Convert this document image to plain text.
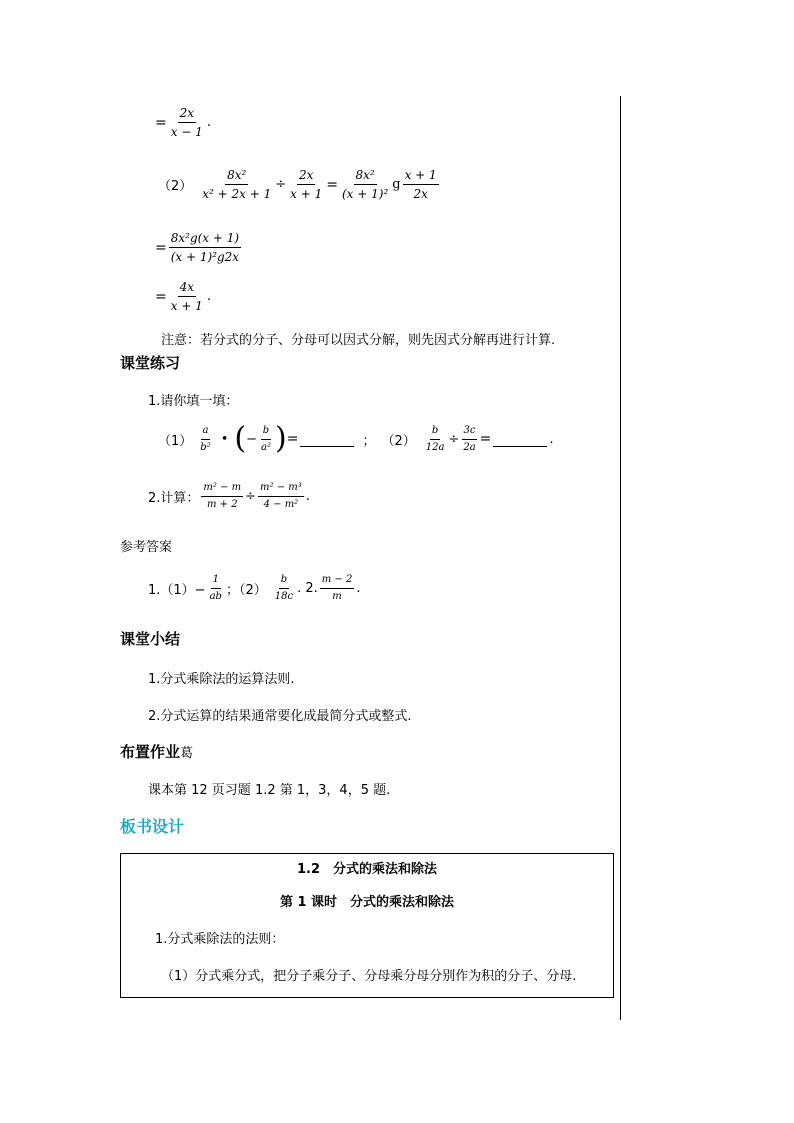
= $\frac{2x}{x - 1}$ .
$(2) \frac{\text{8x²}}{\text{x² + 2x + 1}} \div \frac{2x}{x + 1} = \frac{\text{8x²}}{\text{(x + 1)²}}$ g $\frac{x + 1}{2x}$
= $\frac{\text{8x²g(x + 1)}}{\text{(x + 1)²g2x}}$
= $\frac{4x}{x + 1}$ .
注意：若分式的分子、分母可以因式分解，则先因式分解再进行计算.
课堂练习
1.请你填一填：
$(1) \frac{a}{\text{b²}}$ • ( − $\frac{b}{\text{a²}}$ ) =	； $(2) \frac{b}{12a} \div \frac{3c}{2a}$ =	.
2.计算： $\frac{\text{m² − m}}{m + 2} \div \frac{\text{m² − m³}}{\text{4 − m²}}$ .
参考答案
$1.(1)- \frac{1}{ab}$ ；$(2) \frac{b}{18c}$ . 2. $\frac{m - 2}{m}$ .
课堂小结
1.分式乘除法的运算法则.
2.分式运算的结果通常要化成最简分式或整式.
布置作业葛
课本第 12 页习题 1.2 第 1，3，4，5 题.
板书设计
1.2　分式的乘法和除法
第 1 课时　分式的乘法和除法
1.分式乘除法的法则：
（1）分式乘分式，把分子乘分子、分母乘分母分别作为积的分子、分母.
